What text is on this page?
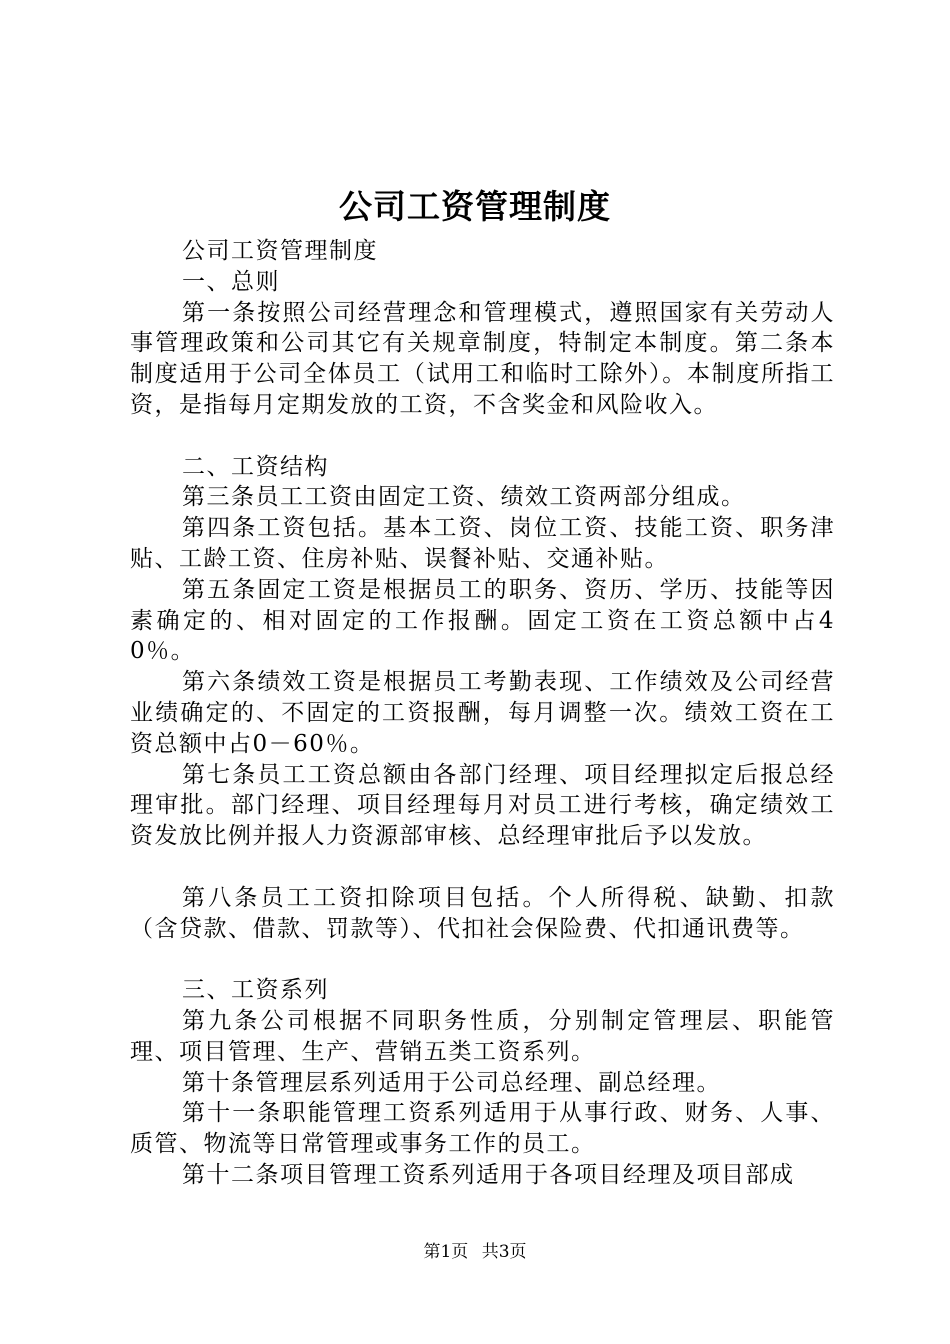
公司工资管理制度

公司工资管理制度

一、总则

第一条按照公司经营理念和管理模式，遵照国家有关劳动人事管理政策和公司其它有关规章制度，特制定本制度。第二条本制度适用于公司全体员工（试用工和临时工除外）。本制度所指工资，是指每月定期发放的工资，不含奖金和风险收入。

二、工资结构

第三条员工工资由固定工资、绩效工资两部分组成。

第四条工资包括。基本工资、岗位工资、技能工资、职务津贴、工龄工资、住房补贴、误餐补贴、交通补贴。

第五条固定工资是根据员工的职务、资历、学历、技能等因素确定的、相对固定的工作报酬。固定工资在工资总额中占40％。

第六条绩效工资是根据员工考勤表现、工作绩效及公司经营业绩确定的、不固定的工资报酬，每月调整一次。绩效工资在工资总额中占0－60％。

第七条员工工资总额由各部门经理、项目经理拟定后报总经理审批。部门经理、项目经理每月对员工进行考核，确定绩效工资发放比例并报人力资源部审核、总经理审批后予以发放。

第八条员工工资扣除项目包括。个人所得税、缺勤、扣款（含贷款、借款、罚款等）、代扣社会保险费、代扣通讯费等。

三、工资系列

第九条公司根据不同职务性质，分别制定管理层、职能管理、项目管理、生产、营销五类工资系列。

第十条管理层系列适用于公司总经理、副总经理。

第十一条职能管理工资系列适用于从事行政、财务、人事、质管、物流等日常管理或事务工作的员工。

第十二条项目管理工资系列适用于各项目经理及项目部成

第1页 共3页
